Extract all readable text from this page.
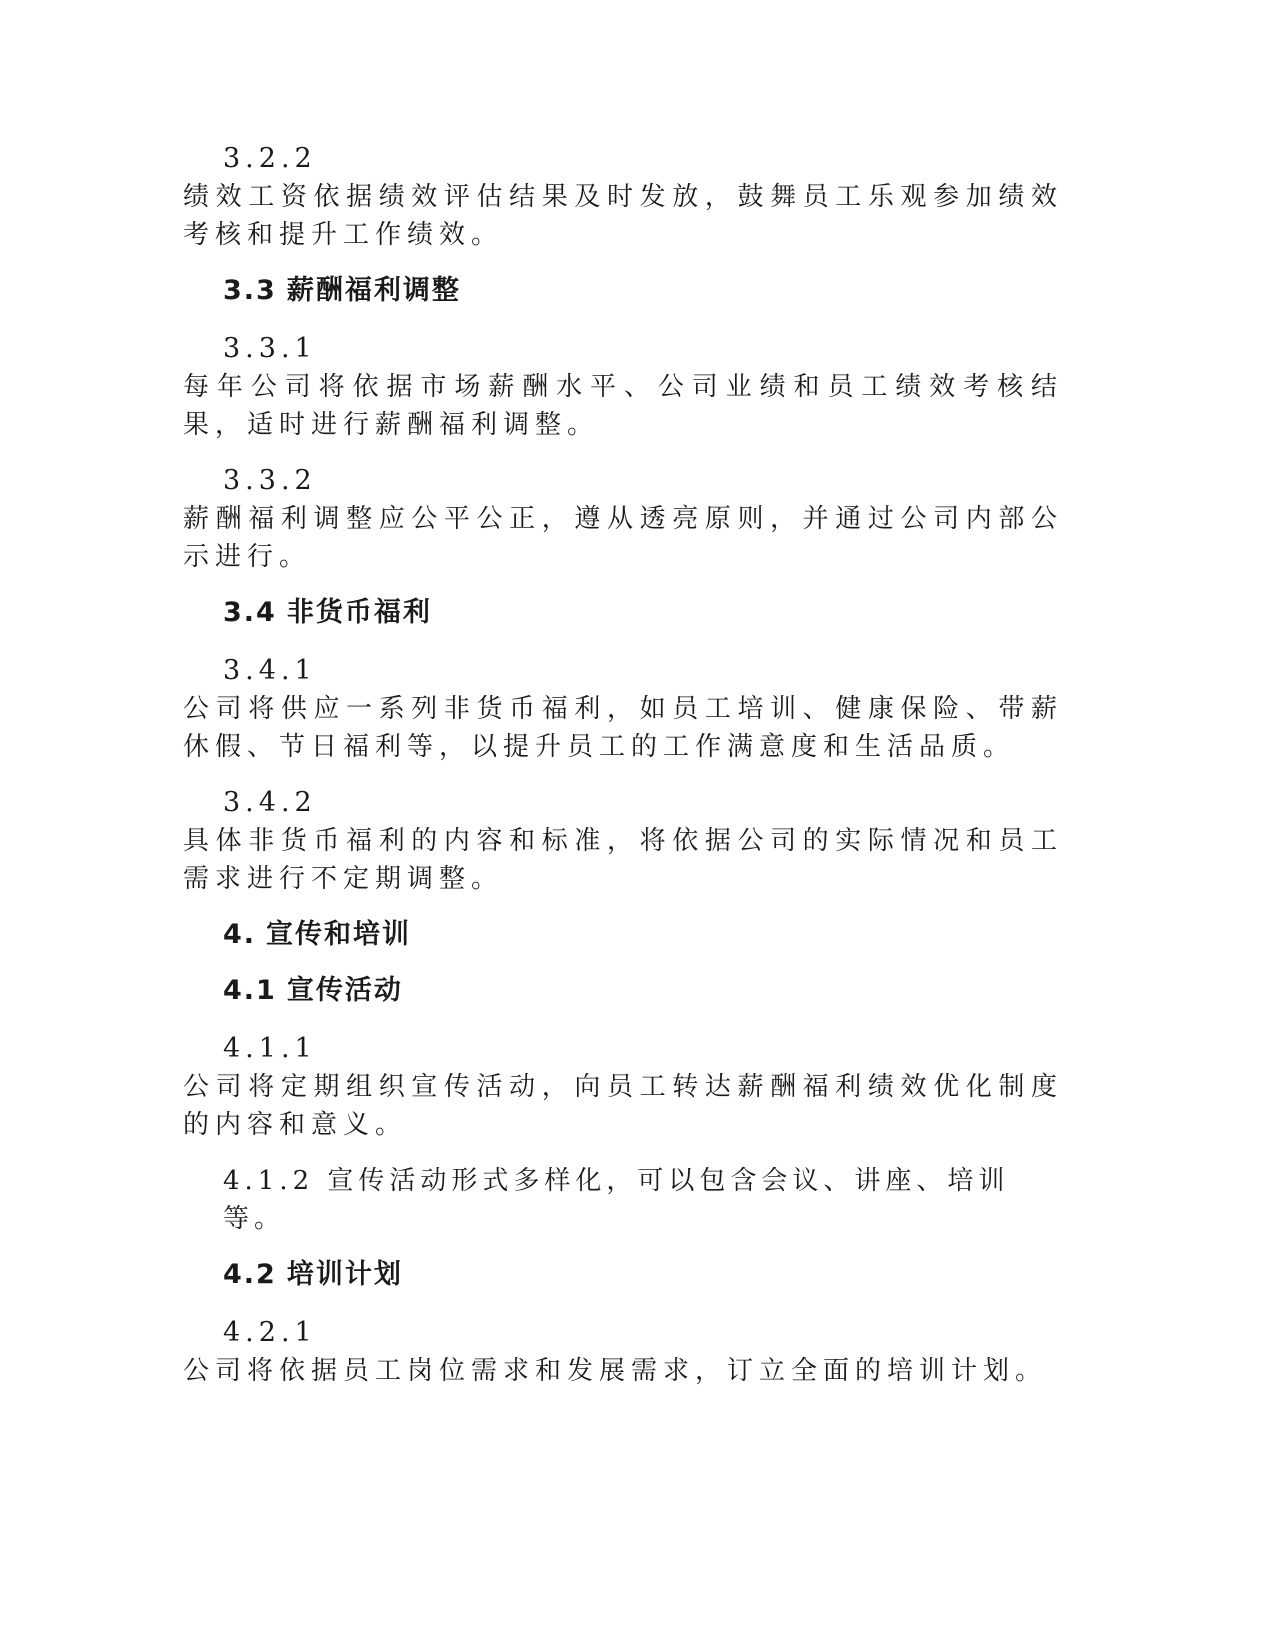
3.2.2

绩效工资依据绩效评估结果及时发放，鼓舞员工乐观参加绩效考核和提升工作绩效。

3.3 薪酬福利调整

3.3.1

每年公司将依据市场薪酬水平、公司业绩和员工绩效考核结果，适时进行薪酬福利调整。

3.3.2

薪酬福利调整应公平公正，遵从透亮原则，并通过公司内部公示进行。

3.4 非货币福利

3.4.1

公司将供应一系列非货币福利，如员工培训、健康保险、带薪休假、节日福利等，以提升员工的工作满意度和生活品质。

3.4.2

具体非货币福利的内容和标准，将依据公司的实际情况和员工需求进行不定期调整。

4. 宣传和培训

4.1 宣传活动

4.1.1

公司将定期组织宣传活动，向员工转达薪酬福利绩效优化制度的内容和意义。

4.1.2 宣传活动形式多样化，可以包含会议、讲座、培训等。

4.2 培训计划

4.2.1

公司将依据员工岗位需求和发展需求，订立全面的培训计划。
